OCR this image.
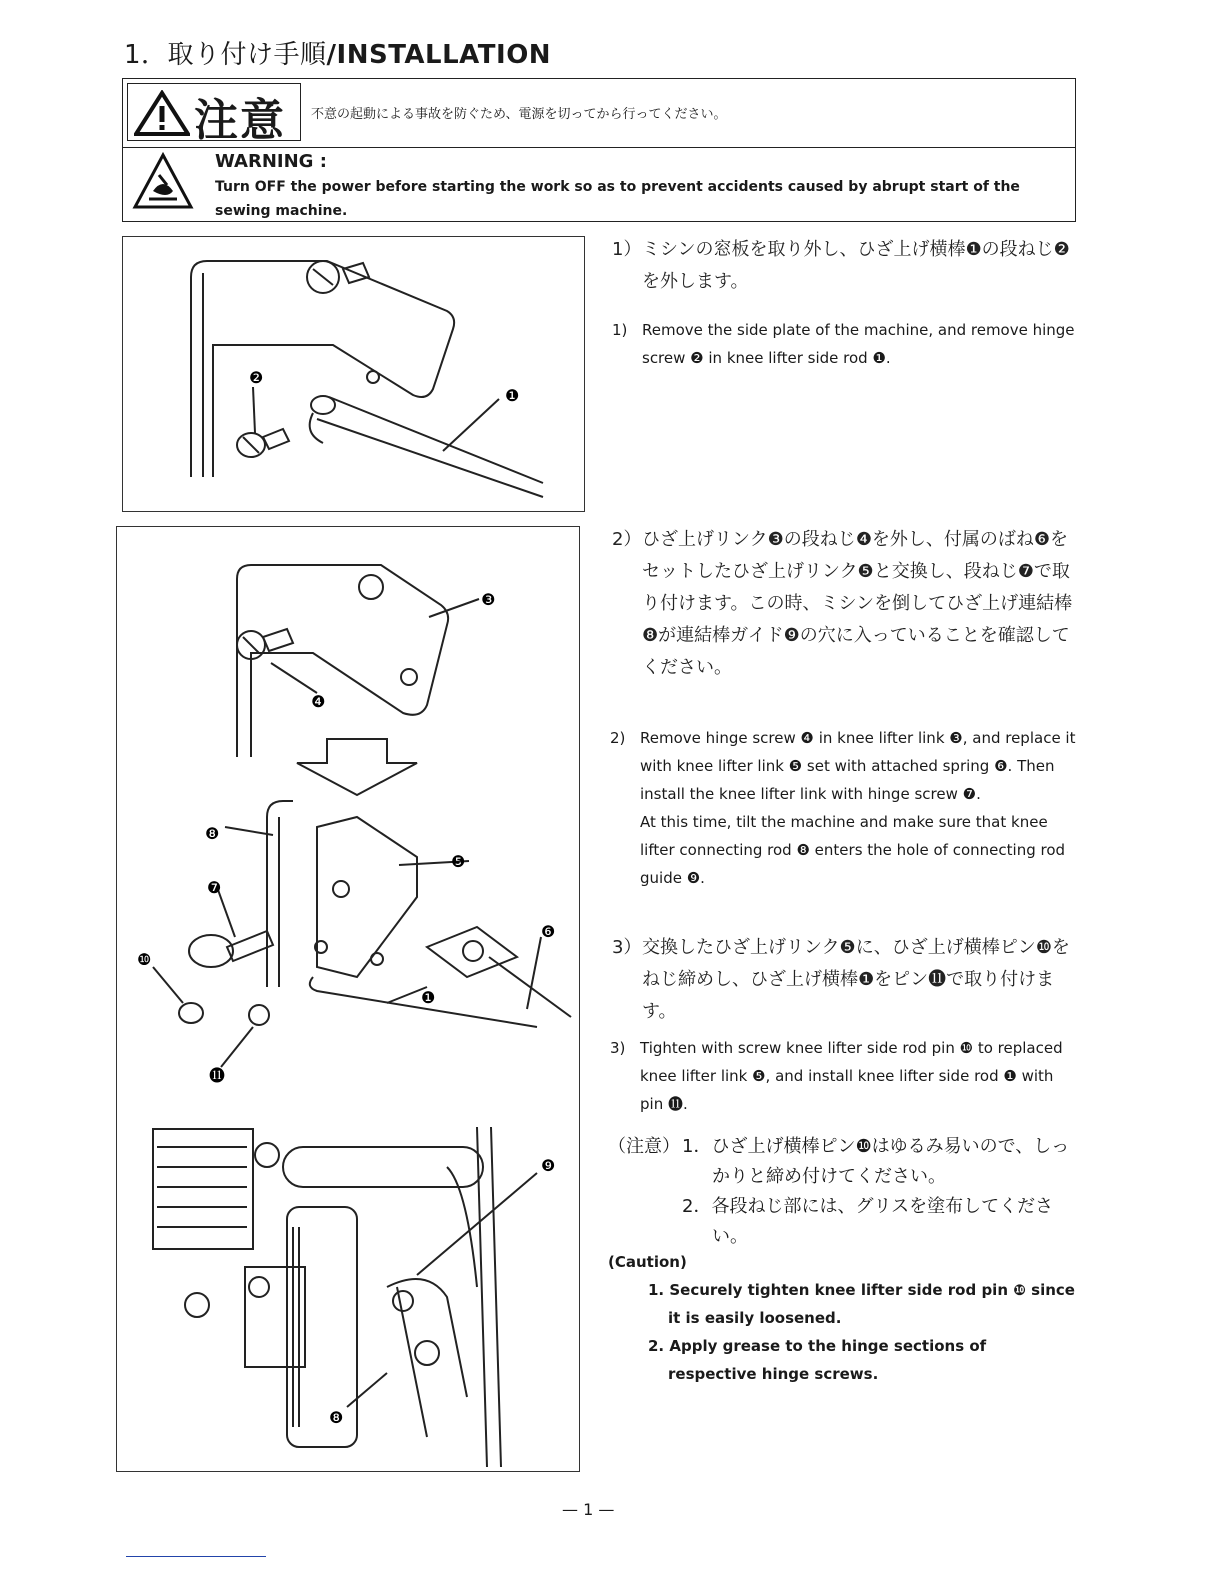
1．取り付け手順/INSTALLATION
注意 不意の起動による事故を防ぐため、電源を切ってから行ってください。
WARNING :
Turn OFF the power before starting the work so as to prevent accidents caused by abrupt start of the sewing machine.
❷
❶
❸
❹
❽
❺
❼
❻
❿
❶
⓫
❾
❽
1） ミシンの窓板を取り外し、ひざ上げ横棒❶の段ねじ❷を外します。
1) Remove the side plate of the machine, and remove hinge screw ❷ in knee lifter side rod ❶.
2） ひざ上げリンク❸の段ねじ❹を外し、付属のばね❻をセットしたひざ上げリンク❺と交換し、段ねじ❼で取り付けます。この時、ミシンを倒してひざ上げ連結棒❽が連結棒ガイド❾の穴に入っていることを確認してください。
2) Remove hinge screw ❹ in knee lifter link ❸, and replace it with knee lifter link ❺ set with attached spring ❻. Then install the knee lifter link with hinge screw ❼.
At this time, tilt the machine and make sure that knee lifter connecting rod ❽ enters the hole of connecting rod guide ❾.
3） 交換したひざ上げリンク❺に、ひざ上げ横棒ピン❿をねじ締めし、ひざ上げ横棒❶をピン⓫で取り付けます。
3) Tighten with screw knee lifter side rod pin ❿ to replaced knee lifter link ❺, and install knee lifter side rod ❶ with pin ⓫.
（注意） 1．ひざ上げ横棒ピン❿はゆるみ易いので、しっかりと締め付けてください。
2．各段ねじ部には、グリスを塗布してください。
(Caution)
1. Securely tighten knee lifter side rod pin ❿ since it is easily loosened.
2. Apply grease to the hinge sections of respective hinge screws.
— 1 —
